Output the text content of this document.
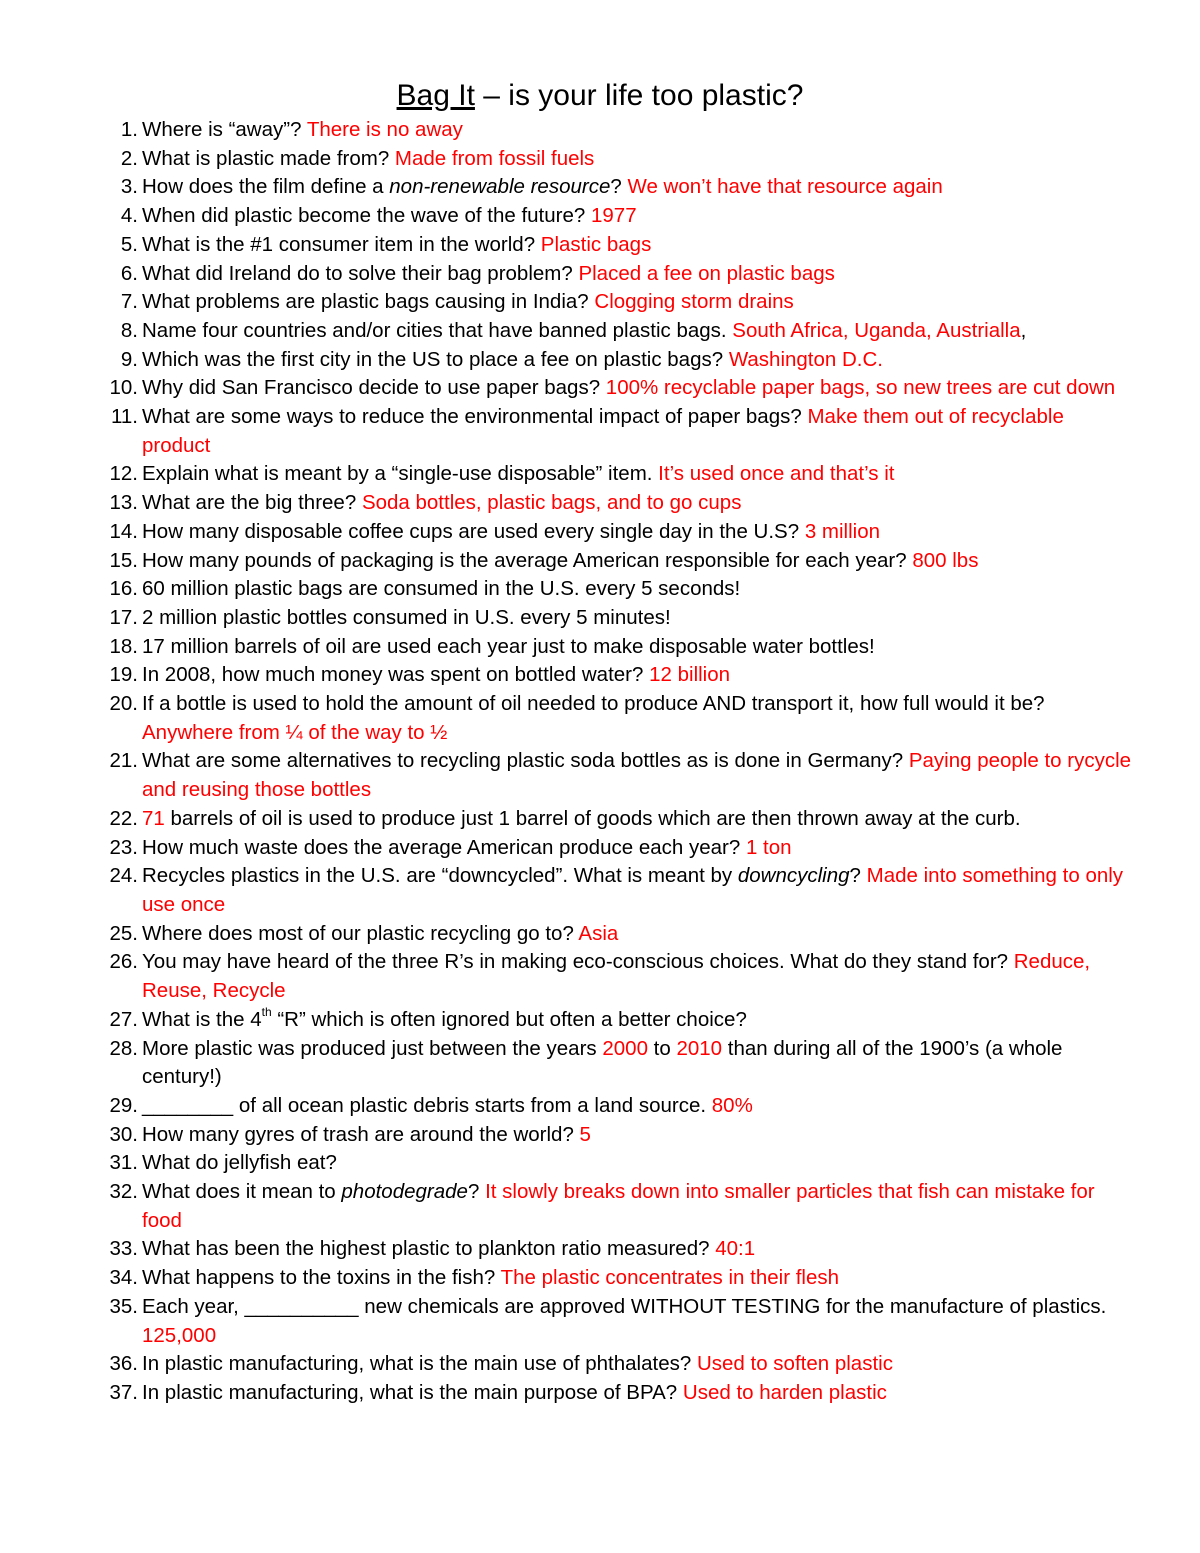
Bag It – is your life too plastic?
1. Where is “away”? There is no away
2. What is plastic made from? Made from fossil fuels
3. How does the film define a non-renewable resource? We won’t have that resource again
4. When did plastic become the wave of the future? 1977
5. What is the #1 consumer item in the world? Plastic bags
6. What did Ireland do to solve their bag problem? Placed a fee on plastic bags
7. What problems are plastic bags causing in India? Clogging storm drains
8. Name four countries and/or cities that have banned plastic bags. South Africa, Uganda, Austrialla,
9. Which was the first city in the US to place a fee on plastic bags? Washington D.C.
10. Why did San Francisco decide to use paper bags? 100% recyclable paper bags, so new trees are cut down
11. What are some ways to reduce the environmental impact of paper bags? Make them out of recyclable product
12. Explain what is meant by a “single-use disposable” item. It’s used once and that’s it
13. What are the big three? Soda bottles, plastic bags, and to go cups
14. How many disposable coffee cups are used every single day in the U.S? 3 million
15. How many pounds of packaging is the average American responsible for each year? 800 lbs
16. 60 million plastic bags are consumed in the U.S. every 5 seconds!
17. 2 million plastic bottles consumed in U.S. every 5 minutes!
18. 17 million barrels of oil are used each year just to make disposable water bottles!
19. In 2008, how much money was spent on bottled water? 12 billion
20. If a bottle is used to hold the amount of oil needed to produce AND transport it, how full would it be? Anywhere from ¼ of the way to ½
21. What are some alternatives to recycling plastic soda bottles as is done in Germany? Paying people to rycycle and reusing those bottles
22. 71 barrels of oil is used to produce just 1 barrel of goods which are then thrown away at the curb.
23. How much waste does the average American produce each year? 1 ton
24. Recycles plastics in the U.S. are “downcycled”. What is meant by downcycling? Made into something to only use once
25. Where does most of our plastic recycling go to? Asia
26. You may have heard of the three R’s in making eco-conscious choices. What do they stand for? Reduce, Reuse, Recycle
27. What is the 4th “R” which is often ignored but often a better choice?
28. More plastic was produced just between the years 2000 to 2010 than during all of the 1900’s (a whole century!)
29. ________ of all ocean plastic debris starts from a land source. 80%
30. How many gyres of trash are around the world? 5
31. What do jellyfish eat?
32. What does it mean to photodegrade? It slowly breaks down into smaller particles that fish can mistake for food
33. What has been the highest plastic to plankton ratio measured? 40:1
34. What happens to the toxins in the fish? The plastic concentrates in their flesh
35. Each year, __________ new chemicals are approved WITHOUT TESTING for the manufacture of plastics. 125,000
36. In plastic manufacturing, what is the main use of phthalates? Used to soften plastic
37. In plastic manufacturing, what is the main purpose of BPA? Used to harden plastic
